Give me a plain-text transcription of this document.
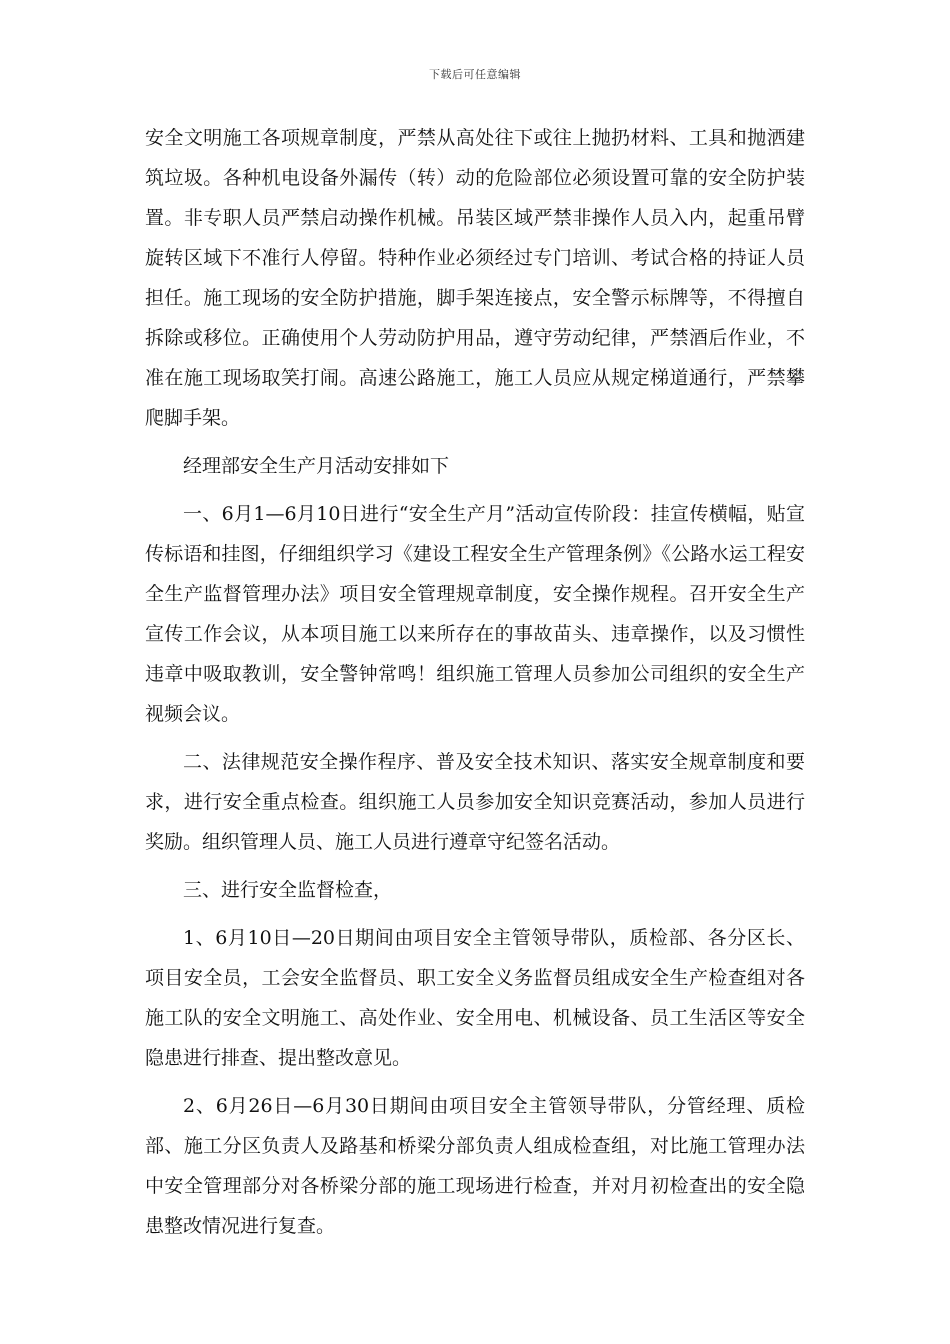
下载后可任意编辑

安全文明施工各项规章制度，严禁从高处往下或往上抛扔材料、工具和抛洒建筑垃圾。各种机电设备外漏传（转）动的危险部位必须设置可靠的安全防护装置。非专职人员严禁启动操作机械。吊装区域严禁非操作人员入内，起重吊臂旋转区域下不准行人停留。特种作业必须经过专门培训、考试合格的持证人员担任。施工现场的安全防护措施，脚手架连接点，安全警示标牌等，不得擅自拆除或移位。正确使用个人劳动防护用品，遵守劳动纪律，严禁酒后作业，不准在施工现场取笑打闹。高速公路施工，施工人员应从规定梯道通行，严禁攀爬脚手架。

经理部安全生产月活动安排如下

一、6月1—6月10日进行“安全生产月”活动宣传阶段：挂宣传横幅，贴宣传标语和挂图，仔细组织学习《建设工程安全生产管理条例》《公路水运工程安全生产监督管理办法》项目安全管理规章制度，安全操作规程。召开安全生产宣传工作会议，从本项目施工以来所存在的事故苗头、违章操作，以及习惯性违章中吸取教训，安全警钟常鸣！组织施工管理人员参加公司组织的安全生产视频会议。

二、法律规范安全操作程序、普及安全技术知识、落实安全规章制度和要求，进行安全重点检查。组织施工人员参加安全知识竞赛活动，参加人员进行奖励。组织管理人员、施工人员进行遵章守纪签名活动。

三、进行安全监督检查，

1、6月10日—20日期间由项目安全主管领导带队，质检部、各分区长、项目安全员，工会安全监督员、职工安全义务监督员组成安全生产检查组对各施工队的安全文明施工、高处作业、安全用电、机械设备、员工生活区等安全隐患进行排查、提出整改意见。

2、6月26日—6月30日期间由项目安全主管领导带队，分管经理、质检部、施工分区负责人及路基和桥梁分部负责人组成检查组，对比施工管理办法中安全管理部分对各桥梁分部的施工现场进行检查，并对月初检查出的安全隐患整改情况进行复查。
